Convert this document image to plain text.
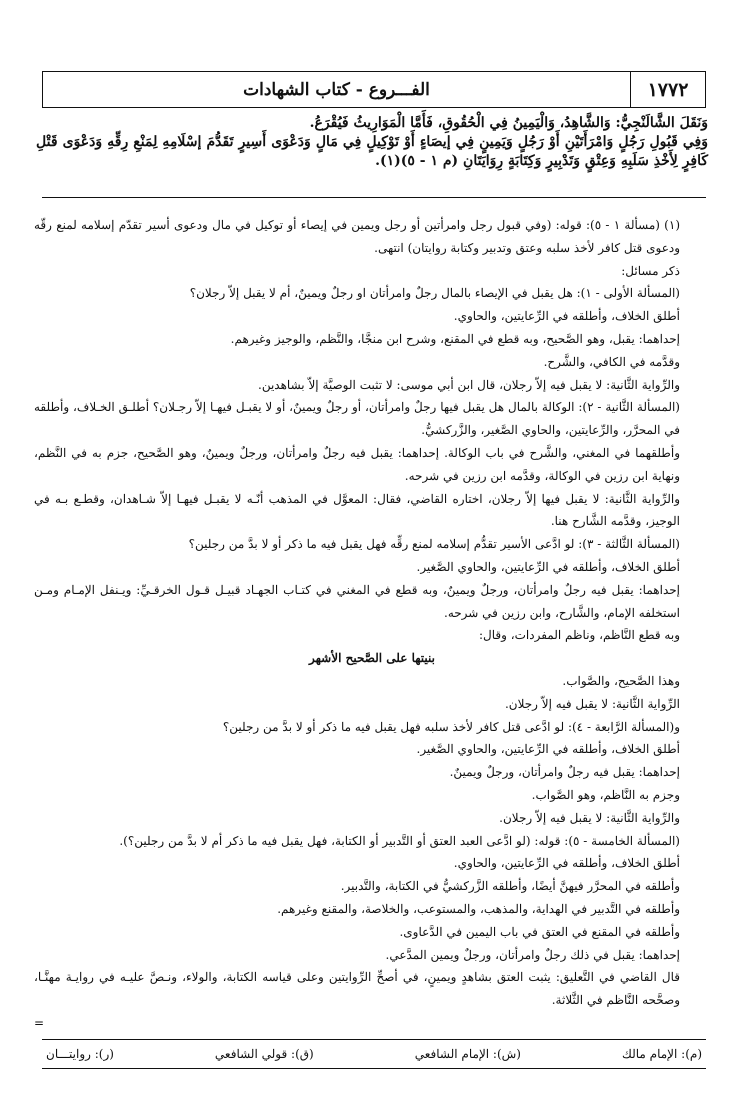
١٧٧٢
الفـــروع - كتاب الشهادات

وَنَقَلَ الشَّالَنْجِيُّ: وَالشَّاهِدُ، وَالْيَمِينُ فِي الْحُقُوقِ، فَأَمَّا الْمَوَارِيثُ فَيُقْرَعُ.

وَفِي قَبُولِ رَجُلٍ وَامْرَأَتَيْنِ أَوْ رَجُلٍ وَيَمِينٍ فِي إيصَاءٍ أَوْ تَوْكِيلٍ فِي مَالٍ وَدَعْوَى أَسِيرٍ تَقَدُّمَ إسْلَامِهِ لِمَنْعِ رِقِّهِ وَدَعْوَى قَتْلِ كَافِرٍ لِأَخْذِ سَلَبِهِ وَعِتْقٍ وَتَدْبِيرٍ وَكِتَابَةٍ رِوَايَتَانِ (م ١ - ٥)(١).

(١) (مسألة ١ - ٥): قوله: (وفي قبول رجل وامرأتين أو رجل ويمين في إيصاء أو توكيل في مال ودعوى أسير تقدّم إسلامه لمنع رقّه ودعوى قتل كافر لأخذ سلبه وعتق وتدبير وكتابة روايتان) انتهى.

ذكر مسائل:

(المسألة الأولى - ١): هل يقبل في الإيصاء بالمال رجلٌ وامرأتان او رجلٌ ويمينٌ، أم لا يقبل إلاّ رجلان؟

أطلق الخلاف، وأطلقه في الرِّعايتين، والحاوي.

إحداهما: يقبل، وهو الصَّحيح، وبه قطع في المقنع، وشرح ابن منجَّا، والنَّظم، والوجيز وغيرهم.

وقدَّمه في الكافي، والشَّرح.

والرِّواية الثَّانية: لا يقبل فيه إلاّ رجلان، قال ابن أبي موسى: لا تثبت الوصيَّة إلاّ بشاهدين.

(المسألة الثَّانية - ٢): الوكالة بالمال هل يقبل فيها رجلٌ وامرأتان، أو رجلٌ ويمينٌ، أو لا يقبـل فيهـا إلاّ رجـلان؟ أطلـق الخـلاف، وأطلقه في المحرَّر، والرِّعايتين، والحاوي الصَّغير، والزَّركشيُّ.

وأطلقهما في المغني، والشَّرح في باب الوكالة. إحداهما: يقبل فيه رجلٌ وامرأتان، ورجلٌ ويمينٌ، وهو الصَّحيح، جزم به في النَّظم، ونهاية ابن رزين في الوكالة، وقدَّمه ابن رزين في شرحه.

والرِّواية الثَّانية: لا يقبل فيها إلاّ رجلان، اختاره القاضي، فقال: المعوَّل في المذهب أنّـه لا يقبـل فيهـا إلاّ شـاهدان، وقطـع بـه في الوجيز، وقدَّمه الشَّارح هنا.

(المسألة الثَّالثة - ٣): لو ادَّعى الأسير تقدُّم إسلامه لمنع رقِّه فهل يقبل فيه ما ذكر أو لا بدَّ من رجلين؟

أطلق الخلاف، وأطلقه في الرِّعايتين، والحاوي الصَّغير.

إحداهما: يقبل فيه رجلٌ وامرأتان، ورجلٌ ويمينٌ، وبه قطع في المغني في كتـاب الجهـاد قبيـل قـول الخرقـيِّ: ويـنفل الإمـام ومـن استخلفه الإمام، والشَّارح، وابن رزين في شرحه.

وبه قطع النَّاظم، وناظم المفردات، وقال:

بنيتها على الصَّحيح الأشهر

وهذا الصَّحيح، والصَّواب.

الرِّواية الثَّانية: لا يقبل فيه إلاّ رجلان.

و(المسألة الرَّابعة - ٤): لو ادَّعى قتل كافر لأخذ سلبه فهل يقبل فيه ما ذكر أو لا بدَّ من رجلين؟

أطلق الخلاف، وأطلقه في الرِّعايتين، والحاوي الصَّغير.

إحداهما: يقبل فيه رجلٌ وامرأتان، ورجلٌ ويمينٌ.

وجزم به النَّاظم، وهو الصَّواب.

والرِّواية الثَّانية: لا يقبل فيه إلاّ رجلان.

(المسألة الخامسة - ٥): قوله: (لو ادَّعى العبد العتق أو التَّدبير أو الكتابة، فهل يقبل فيه ما ذكر أم لا بدَّ من رجلين؟).

أطلق الخلاف، وأطلقه في الرِّعايتين، والحاوي.

وأطلقه في المحرَّر فيهنَّ أيضًا، وأطلقه الزَّركشيُّ في الكتابة، والتَّدبير.

وأطلقه في التَّدبير في الهداية، والمذهب، والمستوعب، والخلاصة، والمقنع وغيرهم.

وأطلقه في المقنع في العتق في باب اليمين في الدَّعاوى.

إحداهما: يقبل في ذلك رجلٌ وامرأتان، ورجلٌ ويمين المدَّعي.

قال القاضي في التَّعليق: يثبت العتق بشاهدٍ ويمينٍ، في أصحِّ الرِّوايتين وعلى قياسه الكتابة، والولاء، ونـصَّ عليـه في روايـة مهنَّـا، وصحَّحه النَّاظم في الثَّلاثة.

=

(م): الإمام مالك
(ش): الإمام الشافعي
(ق): قولي الشافعي
(ر): روايتـــان
